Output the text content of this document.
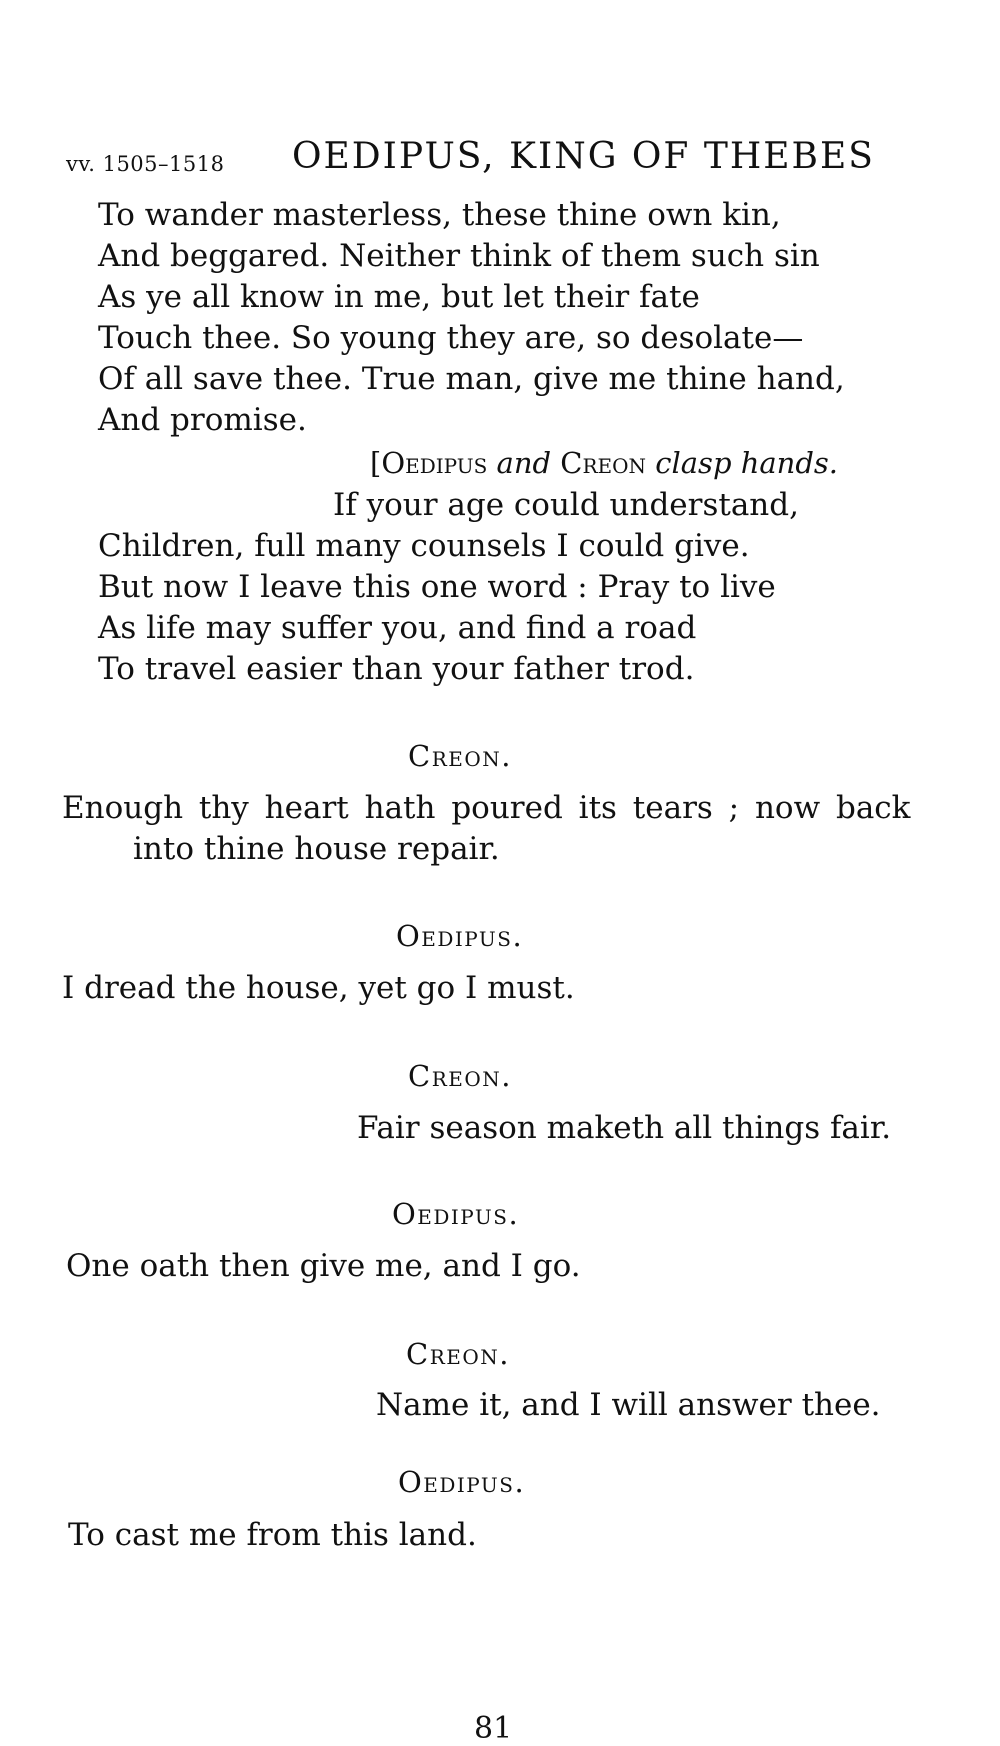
vv. 1505–1518 OEDIPUS, KING OF THEBES
To wander masterless, these thine own kin,
And beggared. Neither think of them such sin
As ye all know in me, but let their fate
Touch thee. So young they are, so desolate—
Of all save thee. True man, give me thine hand,
And promise.
[Oedipus and Creon clasp hands.
If your age could understand,
Children, full many counsels I could give.
But now I leave this one word : Pray to live
As life may suffer you, and find a road
To travel easier than your father trod.
Creon.
Enough thy heart hath poured its tears ; now back
into thine house repair.
Oedipus.
I dread the house, yet go I must.
Creon.
Fair season maketh all things fair.
Oedipus.
One oath then give me, and I go.
Creon.
Name it, and I will answer thee.
Oedipus.
To cast me from this land.
81
